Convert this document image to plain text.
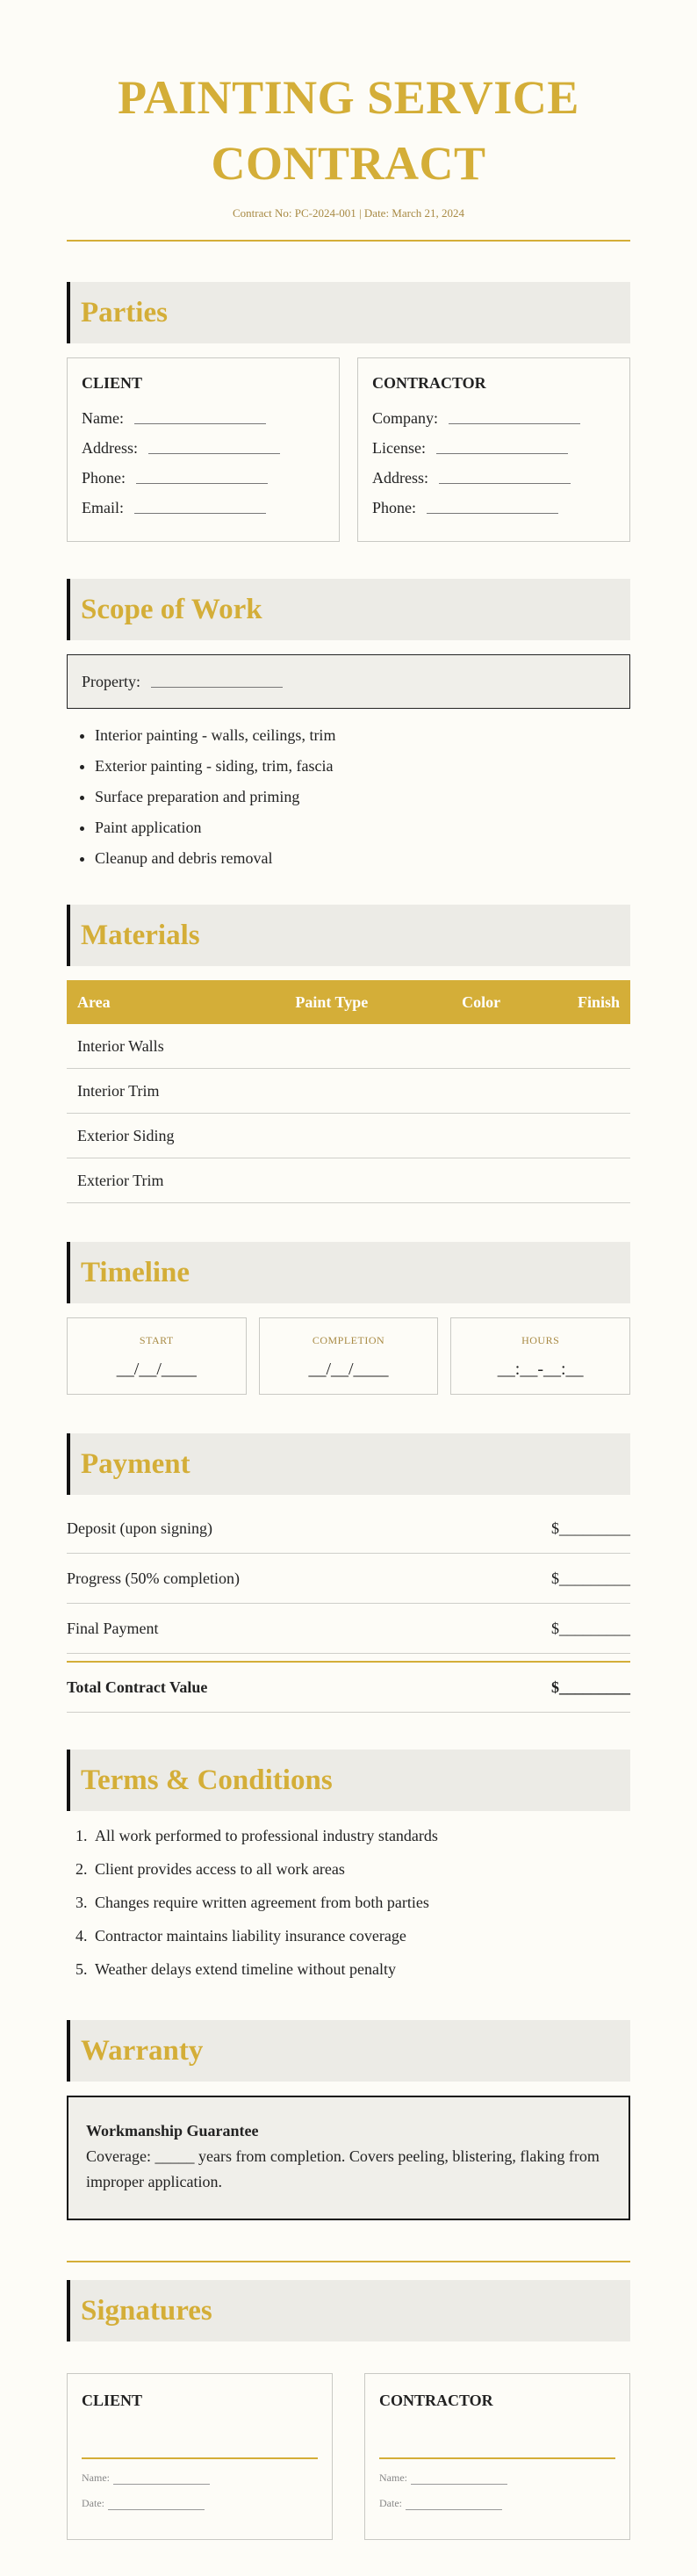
PAINTING SERVICE
CONTRACT
Contract No: PC-2024-001 | Date: March 21, 2024
Parties
CLIENT
Name:
Address:
Phone:
Email:
CONTRACTOR
Company:
License:
Address:
Phone:
Scope of Work
Property:
• Interior painting - walls, ceilings, trim
• Exterior painting - siding, trim, fascia
• Surface preparation and priming
• Paint application
• Cleanup and debris removal
Materials
Area	Paint Type	Color	Finish
Interior Walls			
Interior Trim			
Exterior Siding			
Exterior Trim			
Timeline
START
__/__/____
COMPLETION
__/__/____
HOURS
__:__-__:__
Payment
Deposit (upon signing)	$_________
Progress (50% completion)	$_________
Final Payment	$_________
Total Contract Value	$_________
Terms & Conditions
1. All work performed to professional industry standards
2. Client provides access to all work areas
3. Changes require written agreement from both parties
4. Contractor maintains liability insurance coverage
5. Weather delays extend timeline without penalty
Warranty
Workmanship Guarantee
Coverage: _____ years from completion. Covers peeling, blistering, flaking from improper application.
Signatures
CLIENT
Name:
Date:
CONTRACTOR
Name:
Date:
